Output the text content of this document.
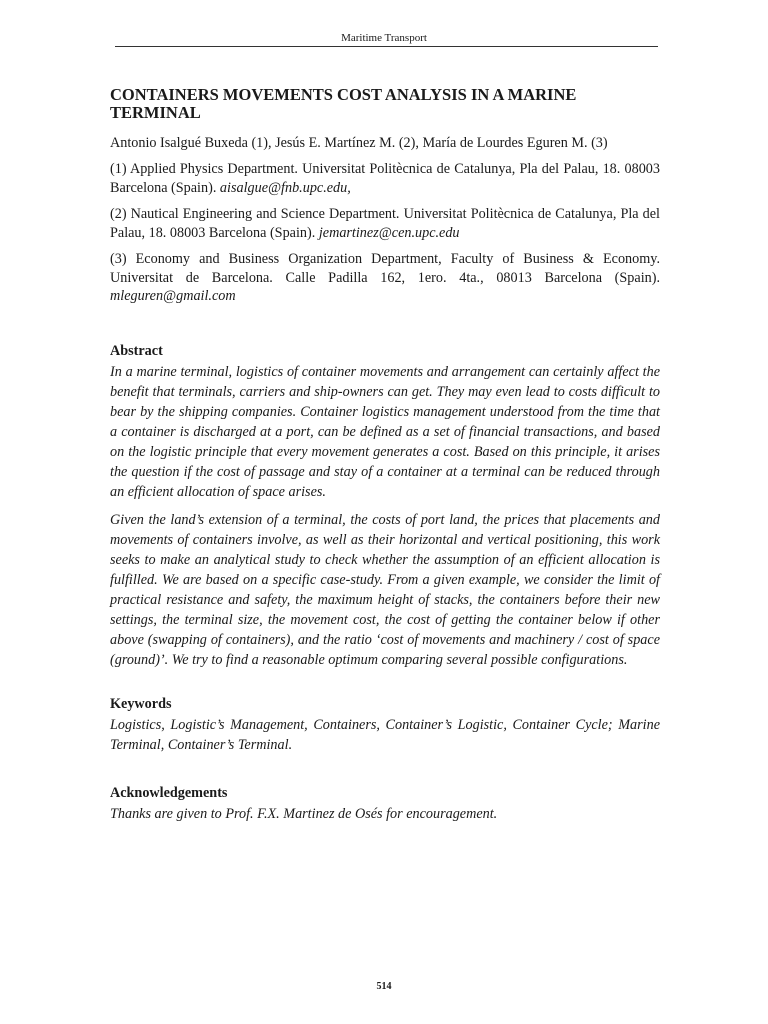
Maritime Transport
CONTAINERS MOVEMENTS COST ANALYSIS IN A MARINE TERMINAL

Antonio Isalgué Buxeda (1), Jesús E. Martínez M. (2), María de Lourdes Eguren M. (3)

(1) Applied Physics Department. Universitat Politècnica de Catalunya, Pla del Palau, 18. 08003 Barcelona (Spain). aisalgue@fnb.upc.edu,

(2) Nautical Engineering and Science Department. Universitat Politècnica de Catalunya, Pla del Palau, 18. 08003 Barcelona (Spain). jemartinez@cen.upc.edu

(3) Economy and Business Organization Department, Faculty of Business & Economy. Universitat de Barcelona. Calle Padilla 162, 1ero. 4ta., 08013 Barcelona (Spain). mleguren@gmail.com

Abstract

In a marine terminal, logistics of container movements and arrangement can certainly affect the benefit that terminals, carriers and ship-owners can get. They may even lead to costs difficult to bear by the shipping companies. Container logistics management understood from the time that a container is discharged at a port, can be defined as a set of financial transactions, and based on the logistic principle that every movement generates a cost. Based on this principle, it arises the question if the cost of passage and stay of a container at a terminal can be reduced through an efficient allocation of space arises.

Given the land’s extension of a terminal, the costs of port land, the prices that placements and movements of containers involve, as well as their horizontal and vertical positioning, this work seeks to make an analytical study to check whether the assumption of an efficient allocation is fulfilled. We are based on a specific case-study. From a given example, we consider the limit of practical resistance and safety, the maximum height of stacks, the containers before their new settings, the terminal size, the movement cost, the cost of getting the container below if other above (swapping of containers), and the ratio ‘cost of movements and machinery / cost of space (ground)’. We try to find a reasonable optimum comparing several possible configurations.

Keywords

Logistics, Logistic’s Management, Containers, Container’s Logistic, Container Cycle; Marine Terminal, Container’s Terminal.

Acknowledgements

Thanks are given to Prof. F.X. Martinez de Osés for encouragement.

514
